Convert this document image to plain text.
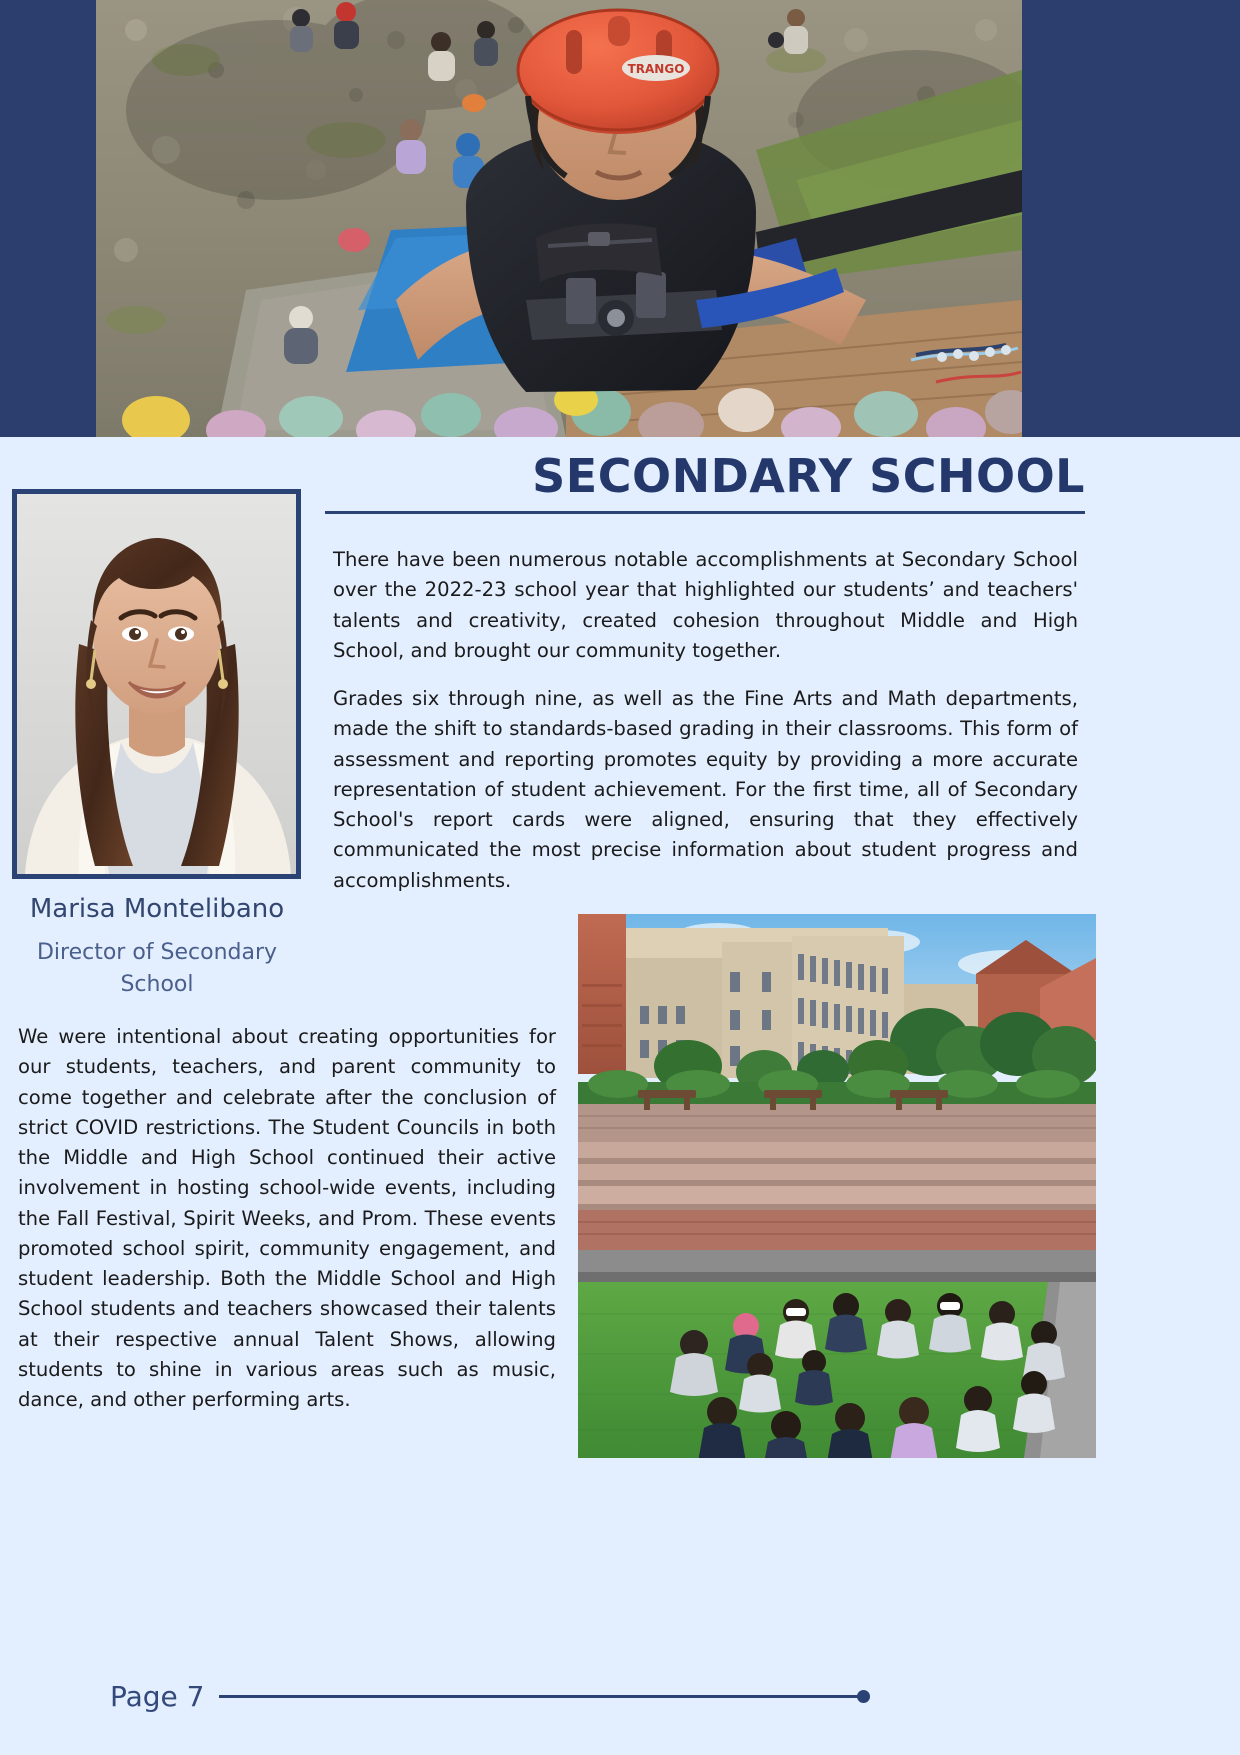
TRANGO
SECONDARY SCHOOL
Marisa Montelibano
Director of Secondary School

There have been numerous notable accomplishments at Secondary School over the 2022-23 school year that highlighted our students’ and teachers' talents and creativity, created cohesion throughout Middle and High School, and brought our community together.

Grades six through nine, as well as the Fine Arts and Math departments, made the shift to standards-based grading in their classrooms. This form of assessment and reporting promotes equity by providing a more accurate representation of student achievement. For the first time, all of Secondary School's report cards were aligned, ensuring that they effectively communicated the most precise information about student progress and accomplishments.

We were intentional about creating opportunities for our students, teachers, and parent community to come together and celebrate after the conclusion of strict COVID restrictions. The Student Councils in both the Middle and High School continued their active involvement in hosting school-wide events, including the Fall Festival, Spirit Weeks, and Prom. These events promoted school spirit, community engagement, and student leadership. Both the Middle School and High School students and teachers showcased their talents at their respective annual Talent Shows, allowing students to shine in various areas such as music, dance, and other performing arts.

Page 7
